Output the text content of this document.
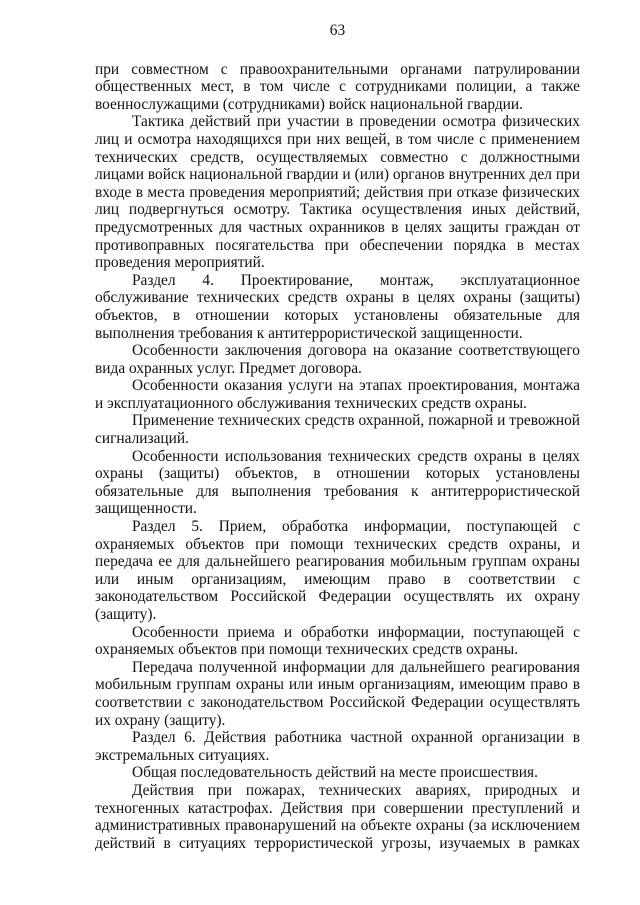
63

при совместном с правоохранительными органами патрулировании общественных мест, в том числе с сотрудниками полиции, а также военнослужащими (сотрудниками) войск национальной гвардии.

Тактика действий при участии в проведении осмотра физических лиц и осмотра находящихся при них вещей, в том числе с применением технических средств, осуществляемых совместно с должностными лицами войск национальной гвардии и (или) органов внутренних дел при входе в места проведения мероприятий; действия при отказе физических лиц подвергнуться осмотру. Тактика осуществления иных действий, предусмотренных для частных охранников в целях защиты граждан от противоправных посягательства при обеспечении порядка в местах проведения мероприятий.

Раздел 4. Проектирование, монтаж, эксплуатационное обслуживание технических средств охраны в целях охраны (защиты) объектов, в отношении которых установлены обязательные для выполнения требования к антитеррористической защищенности.

Особенности заключения договора на оказание соответствующего вида охранных услуг. Предмет договора.

Особенности оказания услуги на этапах проектирования, монтажа и эксплуатационного обслуживания технических средств охраны.

Применение технических средств охранной, пожарной и тревожной сигнализаций.

Особенности использования технических средств охраны в целях охраны (защиты) объектов, в отношении которых установлены обязательные для выполнения требования к антитеррористической защищенности.

Раздел 5. Прием, обработка информации, поступающей с охраняемых объектов при помощи технических средств охраны, и передача ее для дальнейшего реагирования мобильным группам охраны или иным организациям, имеющим право в соответствии с законодательством Российской Федерации осуществлять их охрану (защиту).

Особенности приема и обработки информации, поступающей с охраняемых объектов при помощи технических средств охраны.

Передача полученной информации для дальнейшего реагирования мобильным группам охраны или иным организациям, имеющим право в соответствии с законодательством Российской Федерации осуществлять их охрану (защиту).

Раздел 6. Действия работника частной охранной организации в экстремальных ситуациях.

Общая последовательность действий на месте происшествия.

Действия при пожарах, технических авариях, природных и техногенных катастрофах. Действия при совершении преступлений и административных правонарушений на объекте охраны (за исключением действий в ситуациях террористической угрозы, изучаемых в рамках
